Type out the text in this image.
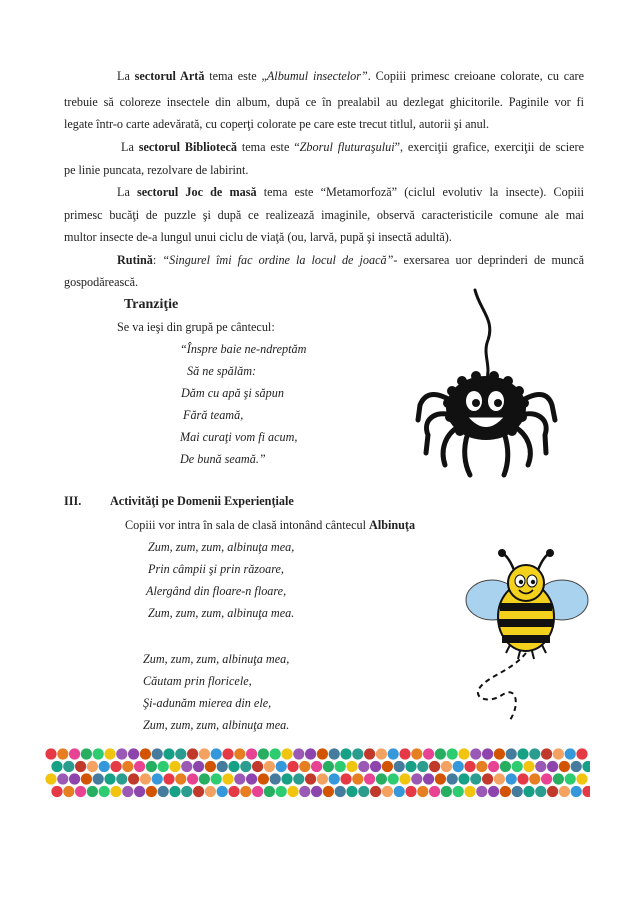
La sectorul Artă tema este „Albumul insectelor”. Copiii primesc creioane colorate, cu care
trebuie să coloreze insectele din album, după ce în prealabil au dezlegat ghicitorile. Paginile vor fi
legate într-o carte adevărată, cu coperţi colorate pe care este trecut titlul, autorii şi anul.
La sectorul Bibliotecă tema este “Zborul fluturaşului”, exerciţii grafice, exerciţii de sciere
pe linie puncata, rezolvare de labirint.
La sectorul Joc de masă tema este “Metamorfoză” (ciclul evolutiv la insecte). Copiii
primesc bucăţi de puzzle şi după ce realizează imaginile, observă caracteristicile comune ale mai
multor insecte de-a lungul unui ciclu de viaţă (ou, larvă, pupă şi insectă adultă).
Rutină: “Singurel îmi fac ordine la locul de joacă”- exersarea uor deprinderi de muncă
gospodărească.
Tranziţie
Se va ieşi din grupă pe cântecul:
“Înspre baie ne-ndreptăm
Să ne spălăm:
Dăm cu apă şi săpun
Fără teamă,
Mai curaţi vom fi acum,
De bună seamă.”
III. Activităţi pe Domenii Experienţiale
Copiii vor intra în sala de clasă intonând cântecul Albinuţa
Zum, zum, zum, albinuţa mea,
Prin câmpii şi prin răzoare,
Alergând din floare-n floare,
Zum, zum, zum, albinuţa mea.
Zum, zum, zum, albinuţa mea,
Căutam prin floricele,
Şi-adunăm mierea din ele,
Zum, zum, zum, albinuţa mea.
